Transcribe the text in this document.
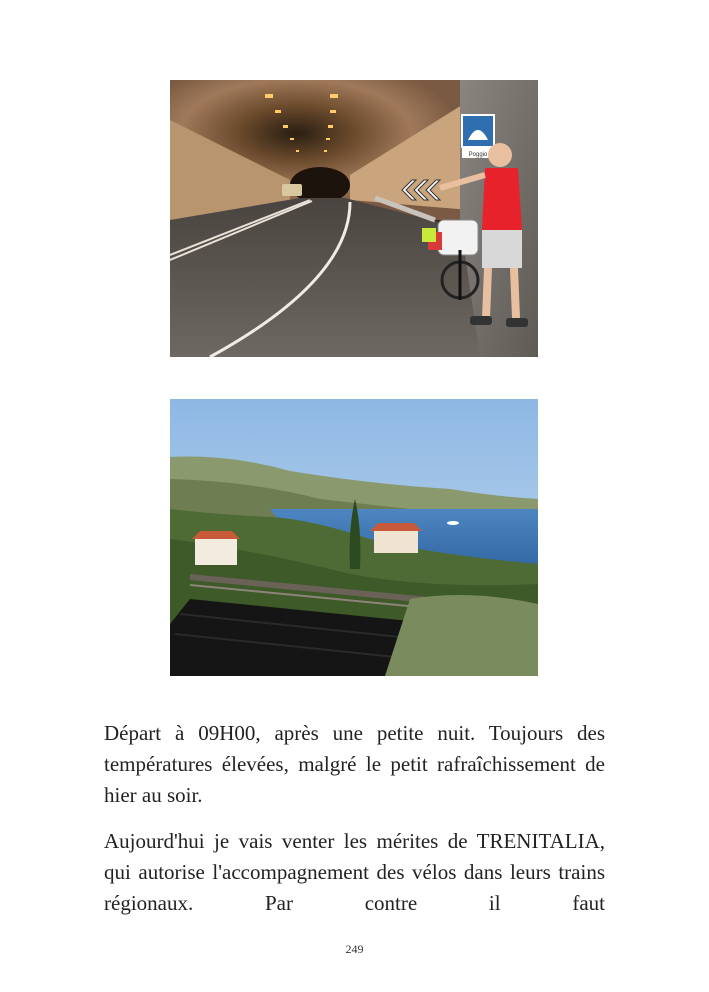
Poggio

Départ à 09H00, après une petite nuit. Toujours des températures élevées, malgré le petit rafraîchissement de hier au soir.

Aujourd'hui je vais venter les mérites de TRENITALIA, qui autorise l'accompagnement des vélos dans leurs trains régionaux. Par contre il faut

249
